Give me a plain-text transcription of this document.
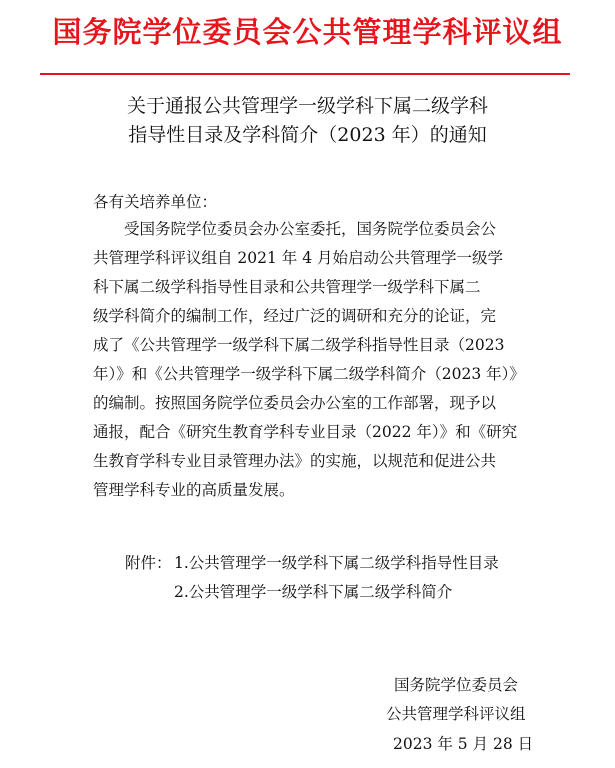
国务院学位委员会公共管理学科评议组
关于通报公共管理学一级学科下属二级学科
指导性目录及学科简介（2023 年）的通知
各有关培养单位：
　　受国务院学位委员会办公室委托，国务院学位委员会公
共管理学科评议组自 2021 年 4 月始启动公共管理学一级学
科下属二级学科指导性目录和公共管理学一级学科下属二
级学科简介的编制工作，经过广泛的调研和充分的论证，完
成了《公共管理学一级学科下属二级学科指导性目录（2023
年）》和《公共管理学一级学科下属二级学科简介（2023 年）》
的编制。按照国务院学位委员会办公室的工作部署，现予以
通报，配合《研究生教育学科专业目录（2022 年）》和《研究
生教育学科专业目录管理办法》的实施，以规范和促进公共
管理学科专业的高质量发展。
附件： 1.公共管理学一级学科下属二级学科指导性目录
2.公共管理学一级学科下属二级学科简介
国务院学位委员会
公共管理学科评议组
2023 年 5 月 28 日
